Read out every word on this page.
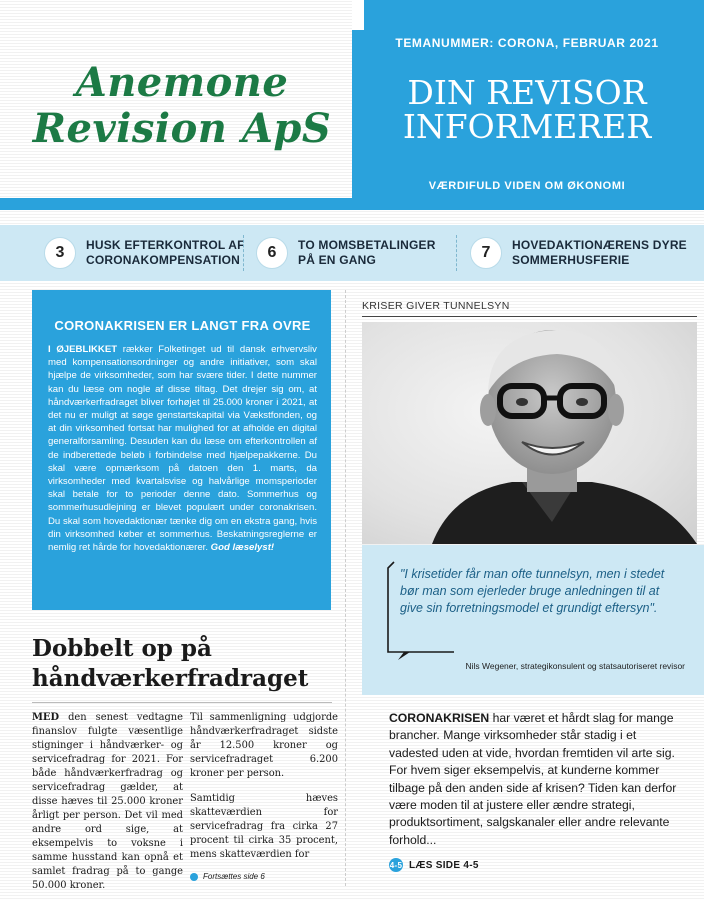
Anemone
Revision ApS
TEMANUMMER: CORONA, FEBRUAR 2021
DIN REVISOR
INFORMERER
VÆRDIFULD VIDEN OM ØKONOMI
3	HUSK EFTERKONTROL AF
CORONAKOMPENSATION	6	TO MOMSBETALINGER
PÅ EN GANG	7	HOVEDAKTIONÆRENS DYRE
SOMMERHUSFERIE
CORONAKRISEN ER LANGT FRA OVRE

I ØJEBLIKKET rækker Folketinget ud til dansk erhvervsliv med kompensationsordninger og andre initiativer, som skal hjælpe de virksomheder, som har svære tider. I dette nummer kan du læse om nogle af disse tiltag. Det drejer sig om, at håndværkerfradraget bliver forhøjet til 25.000 kroner i 2021, at det nu er muligt at søge genstartskapital via Vækstfonden, og at din virksomhed fortsat har mulighed for at afholde en digital generalforsamling. Desuden kan du læse om efterkontrollen af de indberettede beløb i forbindelse med hjælpepakkerne. Du skal være opmærksom på datoen den 1. marts, da virksomheder med kvartalsvise og halvårlige momsperioder skal betale for to perioder denne dato. Sommerhus og sommerhusudlejning er blevet populært under coronakrisen. Du skal som hovedaktionær tænke dig om en ekstra gang, hvis din virksomhed køber et sommerhus. Beskatningsreglerne er nemlig ret hårde for hovedaktionærer. God læselyst!

KRISER GIVER TUNNELSYN
"I krisetider får man ofte tunnelsyn, men i stedet bør man som ejerleder bruge anledningen til at give sin forretningsmodel et grundigt eftersyn".
Nils Wegener, strategikonsulent og statsautoriseret revisor
CORONAKRISEN har været et hårdt slag for mange brancher. Mange virksomheder står stadig i et vadested uden at vide, hvordan fremtiden vil arte sig. For hvem siger eksempelvis, at kunderne kommer tilbage på den anden side af krisen? Tiden kan derfor være moden til at justere eller ændre strategi, produktsortiment, salgskanaler eller andre relevante forhold...
4-5 LÆS SIDE 4-5
Dobbelt op på
håndværkerfradraget
MED den senest vedtagne finanslov fulgte væsentlige stigninger i håndværker- og servicefradrag for 2021. For både håndværkerfradrag og servicefradrag gælder, at disse hæves til 25.000 kroner årligt per person. Det vil med andre ord sige, at eksempelvis to voksne i samme husstand kan opnå et samlet fradrag på to gange 50.000 kroner.

Til sammenligning udgjorde håndværkerfradraget sidste år 12.500 kroner og servicefradraget 6.200 kroner per person.

Samtidig hæves skatteværdien for servicefradrag fra cirka 27 procent til cirka 35 procent, mens skatteværdien for

Fortsættes side 6
